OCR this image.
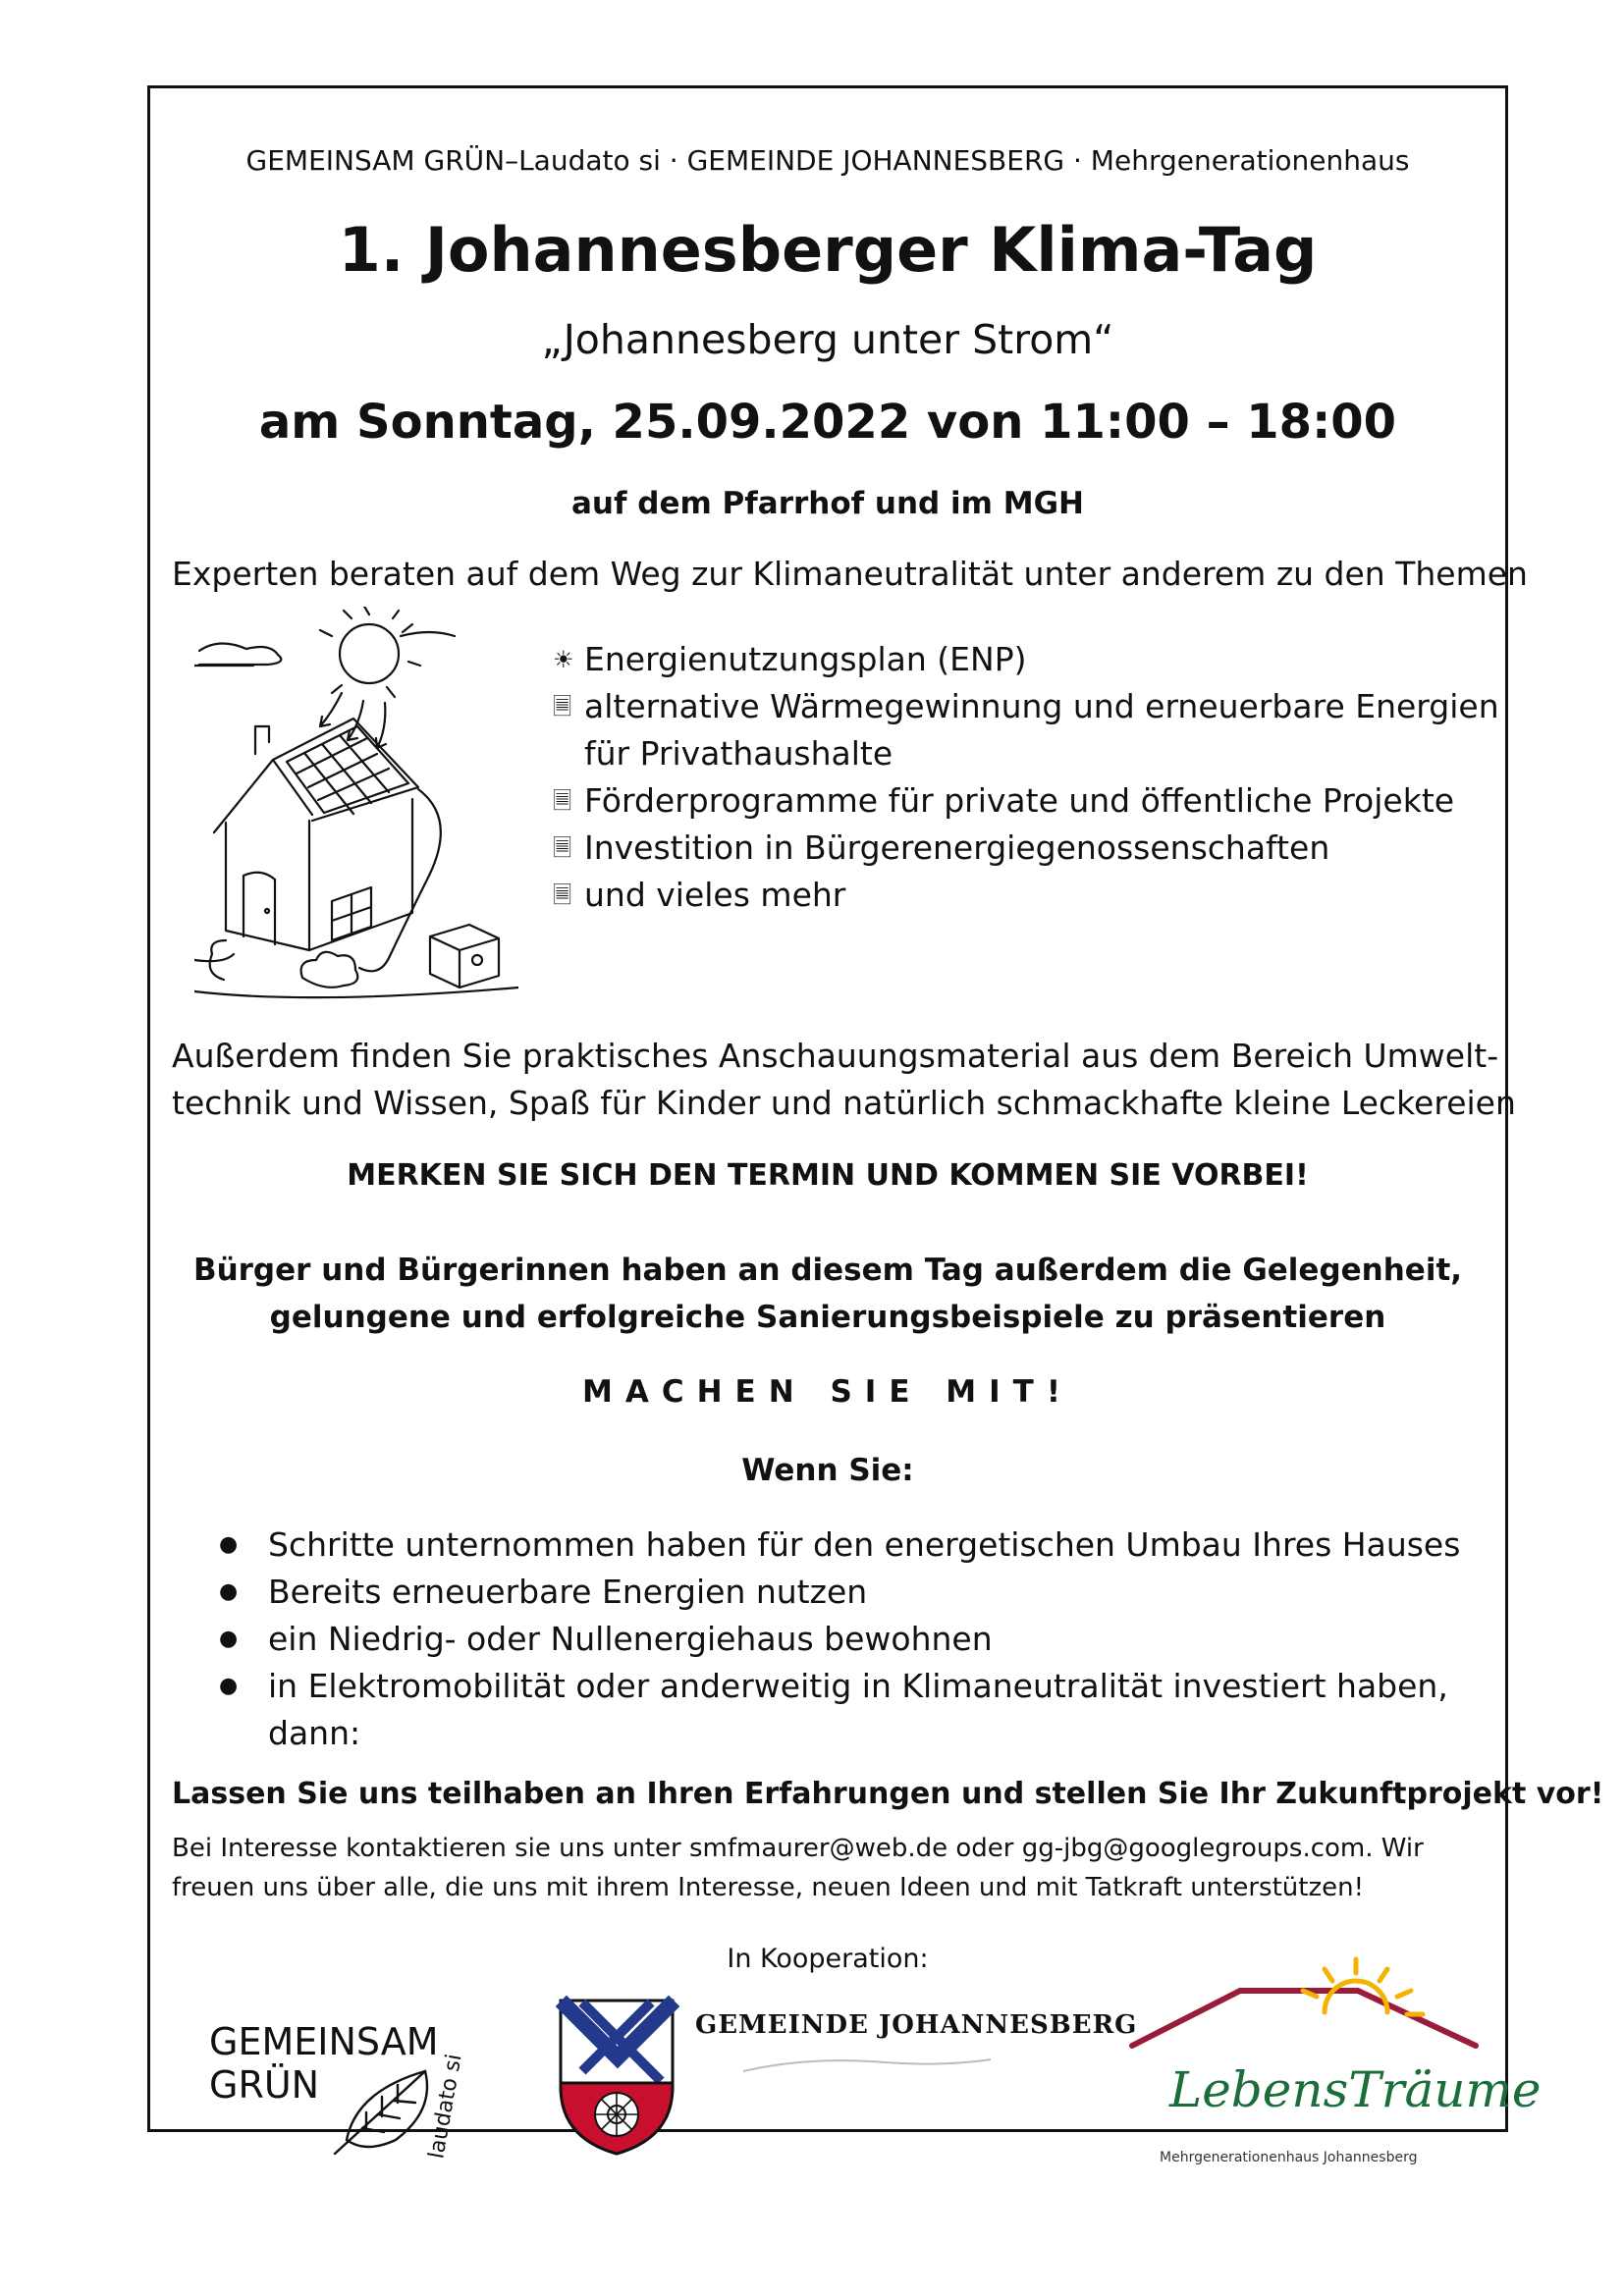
GEMEINSAM GRÜN–Laudato si · GEMEINDE JOHANNESBERG · Mehrgenerationenhaus
1. Johannesberger Klima-Tag
„Johannesberg unter Strom“
am Sonntag, 25.09.2022 von 11:00 – 18:00
auf dem Pfarrhof und im MGH
Experten beraten auf dem Weg zur Klimaneutralität unter anderem zu den Themen
☀ Energienutzungsplan (ENP)
🗏 alternative Wärmegewinnung und erneuerbare Energien
für Privathaushalte
🗏 Förderprogramme für private und öffentliche Projekte
🗏 Investition in Bürgerenergiegenossenschaften
🗏 und vieles mehr
Außerdem finden Sie praktisches Anschauungsmaterial aus dem Bereich Umwelt-
technik und Wissen, Spaß für Kinder und natürlich schmackhafte kleine Leckereien
MERKEN SIE SICH DEN TERMIN UND KOMMEN SIE VORBEI!
Bürger und Bürgerinnen haben an diesem Tag außerdem die Gelegenheit,
gelungene und erfolgreiche Sanierungsbeispiele zu präsentieren
MACHEN SIE MIT!
Wenn Sie:
● Schritte unternommen haben für den energetischen Umbau Ihres Hauses
● Bereits erneuerbare Energien nutzen
● ein Niedrig- oder Nullenergiehaus bewohnen
● in Elektromobilität oder anderweitig in Klimaneutralität investiert haben,
dann:
Lassen Sie uns teilhaben an Ihren Erfahrungen und stellen Sie Ihr Zukunftprojekt vor!
Bei Interesse kontaktieren sie uns unter smfmaurer@web.de oder gg-jbg@googlegroups.com. Wir
freuen uns über alle, die uns mit ihrem Interesse, neuen Ideen und mit Tatkraft unterstützen!
In Kooperation:
GEMEINSAM
GRÜN	laudato si
GEMEINDE JOHANNESBERG
LebensTräume
Mehrgenerationenhaus Johannesberg
